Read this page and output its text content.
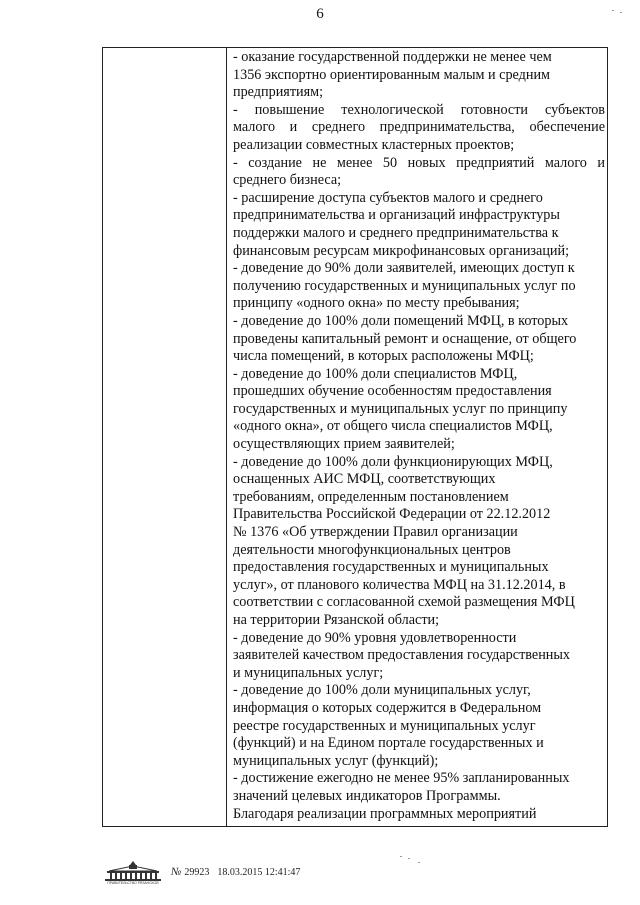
6
- оказание государственной поддержки не менее чем
1356 экспортно ориентированным малым и средним
предприятиям;
- повышение технологической готовности субъектов
малого и среднего предпринимательства, обеспечение
реализации совместных кластерных проектов;
- создание не менее 50 новых предприятий малого и
среднего бизнеса;
- расширение доступа субъектов малого и среднего
предпринимательства и организаций инфраструктуры
поддержки малого и среднего предпринимательства к
финансовым ресурсам микрофинансовых организаций;
- доведение до 90% доли заявителей, имеющих доступ к
получению государственных и муниципальных услуг по
принципу «одного окна» по месту пребывания;
- доведение до 100% доли помещений МФЦ, в которых
проведены капитальный ремонт и оснащение, от общего
числа помещений, в которых расположены МФЦ;
- доведение до 100% доли специалистов МФЦ,
прошедших обучение особенностям предоставления
государственных и муниципальных услуг по принципу
«одного окна», от общего числа специалистов МФЦ,
осуществляющих прием заявителей;
- доведение до 100% доли функционирующих МФЦ,
оснащенных АИС МФЦ, соответствующих
требованиям, определенным постановлением
Правительства Российской Федерации от 22.12.2012
№ 1376 «Об утверждении Правил организации
деятельности многофункциональных центров
предоставления государственных и муниципальных
услуг», от планового количества МФЦ на 31.12.2014, в
соответствии с согласованной схемой размещения МФЦ
на территории Рязанской области;
- доведение до 90% уровня удовлетворенности
заявителей качеством предоставления государственных
и муниципальных услуг;
- доведение до 100% доли муниципальных услуг,
информация о которых содержится в Федеральном
реестре государственных и муниципальных услуг
(функций) и на Едином портале государственных и
муниципальных услуг (функций);
- достижение ежегодно не менее 95% запланированных
значений целевых индикаторов Программы.
Благодаря реализации программных мероприятий
ПРАВИТЕЛЬСТВО РЯЗАНСКОЙ
№ 29923 18.03.2015 12:41:47
